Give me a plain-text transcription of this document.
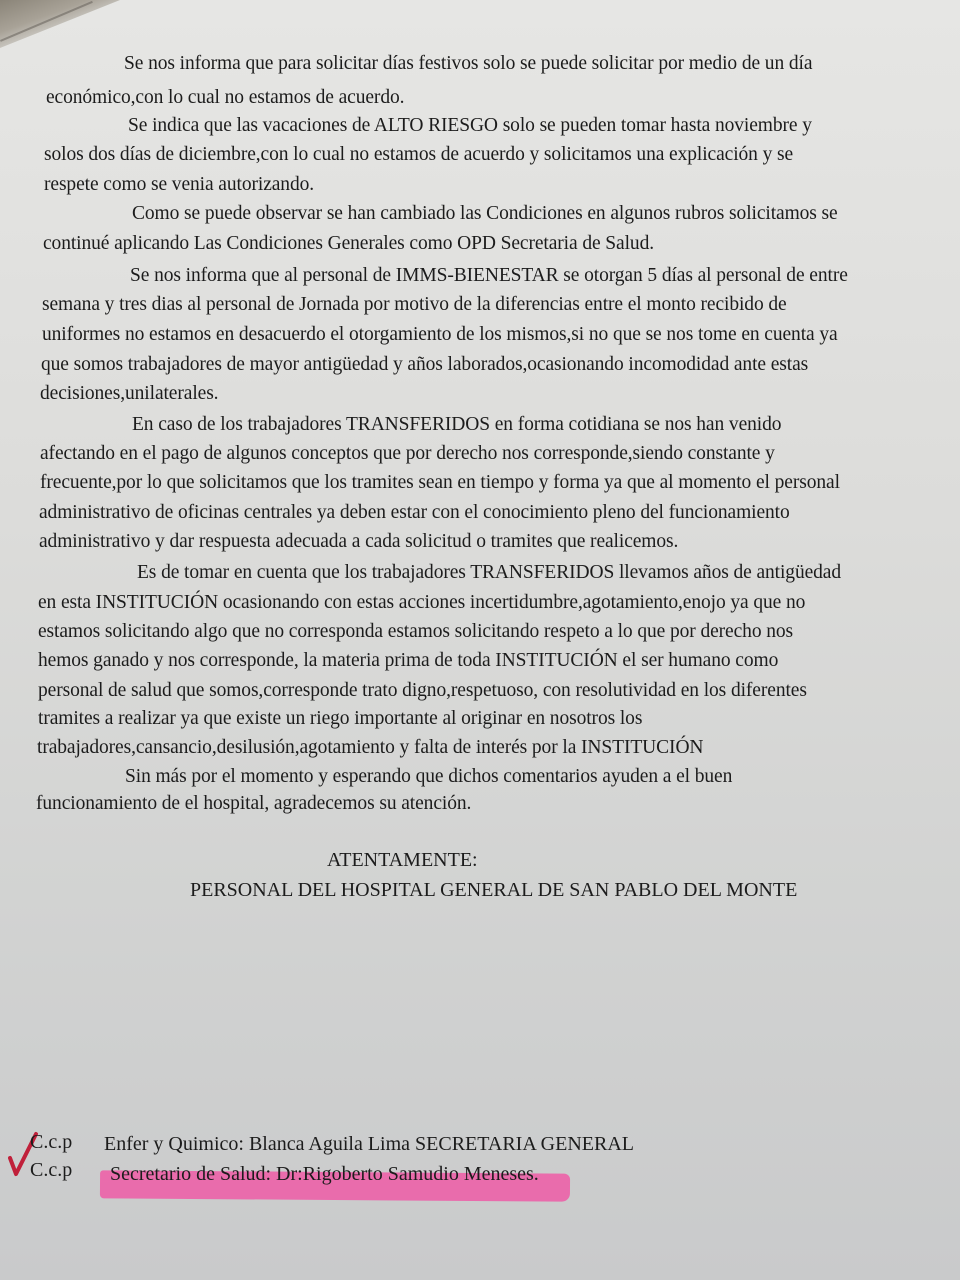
Se nos informa que para solicitar días festivos solo se puede solicitar por medio de un día
económico,con lo cual no estamos de acuerdo.
Se indica que las vacaciones de ALTO RIESGO solo se pueden tomar hasta noviembre y
solos dos días de diciembre,con lo cual no estamos de acuerdo y solicitamos una explicación y se
respete como se venia autorizando.
Como se puede observar se han cambiado las Condiciones en algunos rubros solicitamos se
continué aplicando Las Condiciones Generales como OPD Secretaria de Salud.
Se nos informa que al personal de IMMS-BIENESTAR se otorgan 5 días al personal de entre
semana y tres dias al personal de Jornada por motivo de la diferencias entre el monto recibido de
uniformes no estamos en desacuerdo el otorgamiento de los mismos,si no que se nos tome en cuenta ya
que somos trabajadores de mayor antigüedad y años laborados,ocasionando incomodidad ante estas
decisiones,unilaterales.
En caso de los trabajadores TRANSFERIDOS en forma cotidiana se nos han venido
afectando en el pago de algunos conceptos que por derecho nos corresponde,siendo constante y
frecuente,por lo que solicitamos que los tramites sean en tiempo y forma ya que al momento el personal
administrativo de oficinas centrales ya deben estar con el conocimiento pleno del funcionamiento
administrativo y dar respuesta adecuada a cada solicitud o tramites que realicemos.
Es de tomar en cuenta que los trabajadores TRANSFERIDOS llevamos años de antigüedad
en esta INSTITUCIÓN ocasionando con estas acciones incertidumbre,agotamiento,enojo ya que no
estamos solicitando algo que no corresponda estamos solicitando respeto a lo que por derecho nos
hemos ganado y nos corresponde, la materia prima de toda INSTITUCIÓN el ser humano como
personal de salud que somos,corresponde trato digno,respetuoso, con resolutividad en los diferentes
tramites a realizar ya que existe un riego importante al originar en nosotros los
trabajadores,cansancio,desilusión,agotamiento y falta de interés por la INSTITUCIÓN
Sin más por el momento y esperando que dichos comentarios ayuden a el buen
funcionamiento de el hospital, agradecemos su atención.
ATENTAMENTE:
PERSONAL DEL HOSPITAL GENERAL DE SAN PABLO DEL MONTE
C.c.p Enfer y Quimico: Blanca Aguila Lima SECRETARIA GENERAL
C.c.p Secretario de Salud: Dr:Rigoberto Samudio Meneses.
